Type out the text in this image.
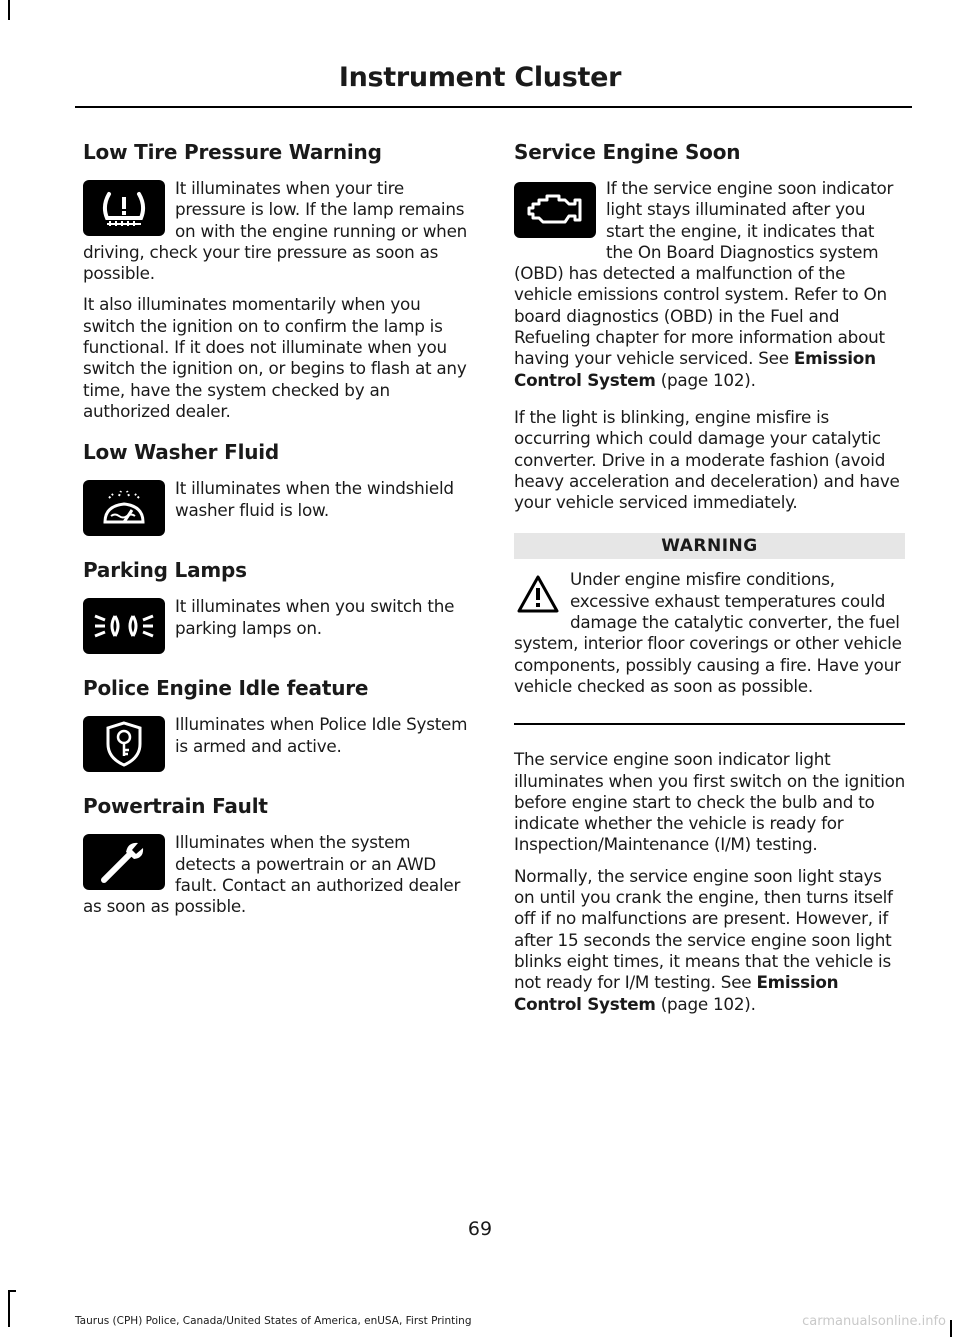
Instrument Cluster
Low Tire Pressure Warning

It illuminates when your tire pressure is low. If the lamp remains on with the engine running or when driving, check your tire pressure as soon as possible.

It also illuminates momentarily when you switch the ignition on to confirm the lamp is functional. If it does not illuminate when you switch the ignition on, or begins to flash at any time, have the system checked by an authorized dealer.

Low Washer Fluid

It illuminates when the windshield washer fluid is low.

Parking Lamps

It illuminates when you switch the parking lamps on.

Police Engine Idle feature

Illuminates when Police Idle System is armed and active.

Powertrain Fault

Illuminates when the system detects a powertrain or an AWD fault. Contact an authorized dealer as soon as possible.

Service Engine Soon

If the service engine soon indicator light stays illuminated after you start the engine, it indicates that the On Board Diagnostics system (OBD) has detected a malfunction of the vehicle emissions control system. Refer to On board diagnostics (OBD) in the Fuel and Refueling chapter for more information about having your vehicle serviced. See Emission Control System (page 102).

If the light is blinking, engine misfire is occurring which could damage your catalytic converter. Drive in a moderate fashion (avoid heavy acceleration and deceleration) and have your vehicle serviced immediately.

WARNING

Under engine misfire conditions, excessive exhaust temperatures could damage the catalytic converter, the fuel system, interior floor coverings or other vehicle components, possibly causing a fire. Have your vehicle checked as soon as possible.

The service engine soon indicator light illuminates when you first switch on the ignition before engine start to check the bulb and to indicate whether the vehicle is ready for Inspection/Maintenance (I/M) testing.

Normally, the service engine soon light stays on until you crank the engine, then turns itself off if no malfunctions are present. However, if after 15 seconds the service engine soon light blinks eight times, it means that the vehicle is not ready for I/M testing. See Emission Control System (page 102).

69
Taurus (CPH) Police, Canada/United States of America, enUSA, First Printing	carmanualsonline.info
